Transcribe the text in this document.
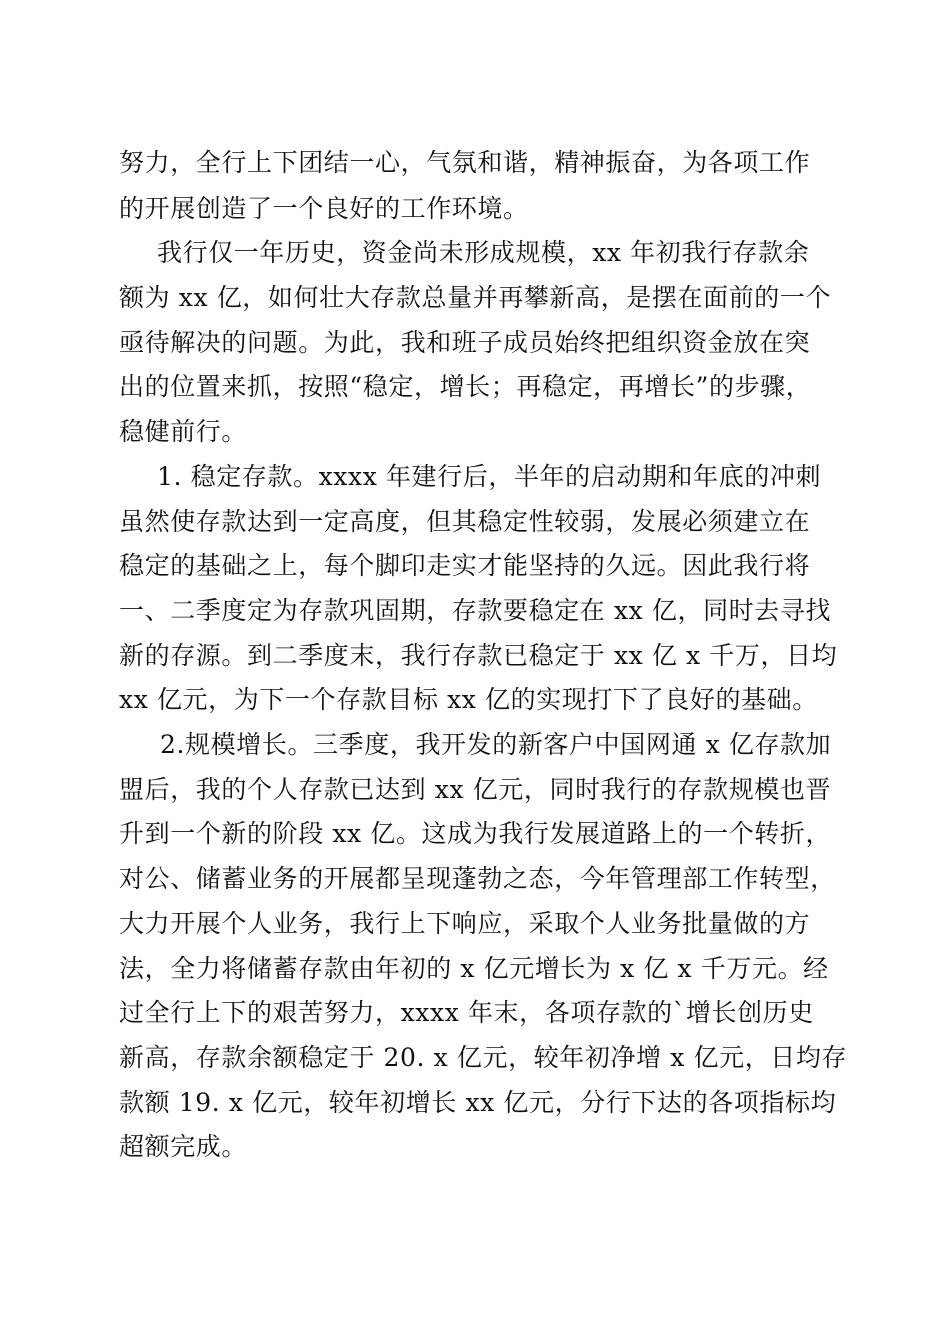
努力，全行上下团结一心，气氛和谐，精神振奋，为各项工作
的开展创造了一个良好的工作环境。
我行仅一年历史，资金尚未形成规模，xx 年初我行存款余
额为 xx 亿，如何壮大存款总量并再攀新高，是摆在面前的一个
亟待解决的问题。为此，我和班子成员始终把组织资金放在突
出的位置来抓，按照“稳定，增长；再稳定，再增长”的步骤，
稳健前行。
1. 稳定存款。xxxx 年建行后，半年的启动期和年底的冲刺
虽然使存款达到一定高度，但其稳定性较弱，发展必须建立在
稳定的基础之上，每个脚印走实才能坚持的久远。因此我行将
一、二季度定为存款巩固期，存款要稳定在 xx 亿，同时去寻找
新的存源。到二季度末，我行存款已稳定于 xx 亿 x 千万，日均
xx 亿元，为下一个存款目标 xx 亿的实现打下了良好的基础。
2.规模增长。三季度，我开发的新客户中国网通 x 亿存款加
盟后，我的个人存款已达到 xx 亿元，同时我行的存款规模也晋
升到一个新的阶段 xx 亿。这成为我行发展道路上的一个转折，
对公、储蓄业务的开展都呈现蓬勃之态，今年管理部工作转型，
大力开展个人业务，我行上下响应，采取个人业务批量做的方
法，全力将储蓄存款由年初的 x 亿元增长为 x 亿 x 千万元。经
过全行上下的艰苦努力，xxxx 年末，各项存款的`增长创历史
新高，存款余额稳定于 20. x 亿元，较年初净增 x 亿元，日均存
款额 19. x 亿元，较年初增长 xx 亿元，分行下达的各项指标均
超额完成。
